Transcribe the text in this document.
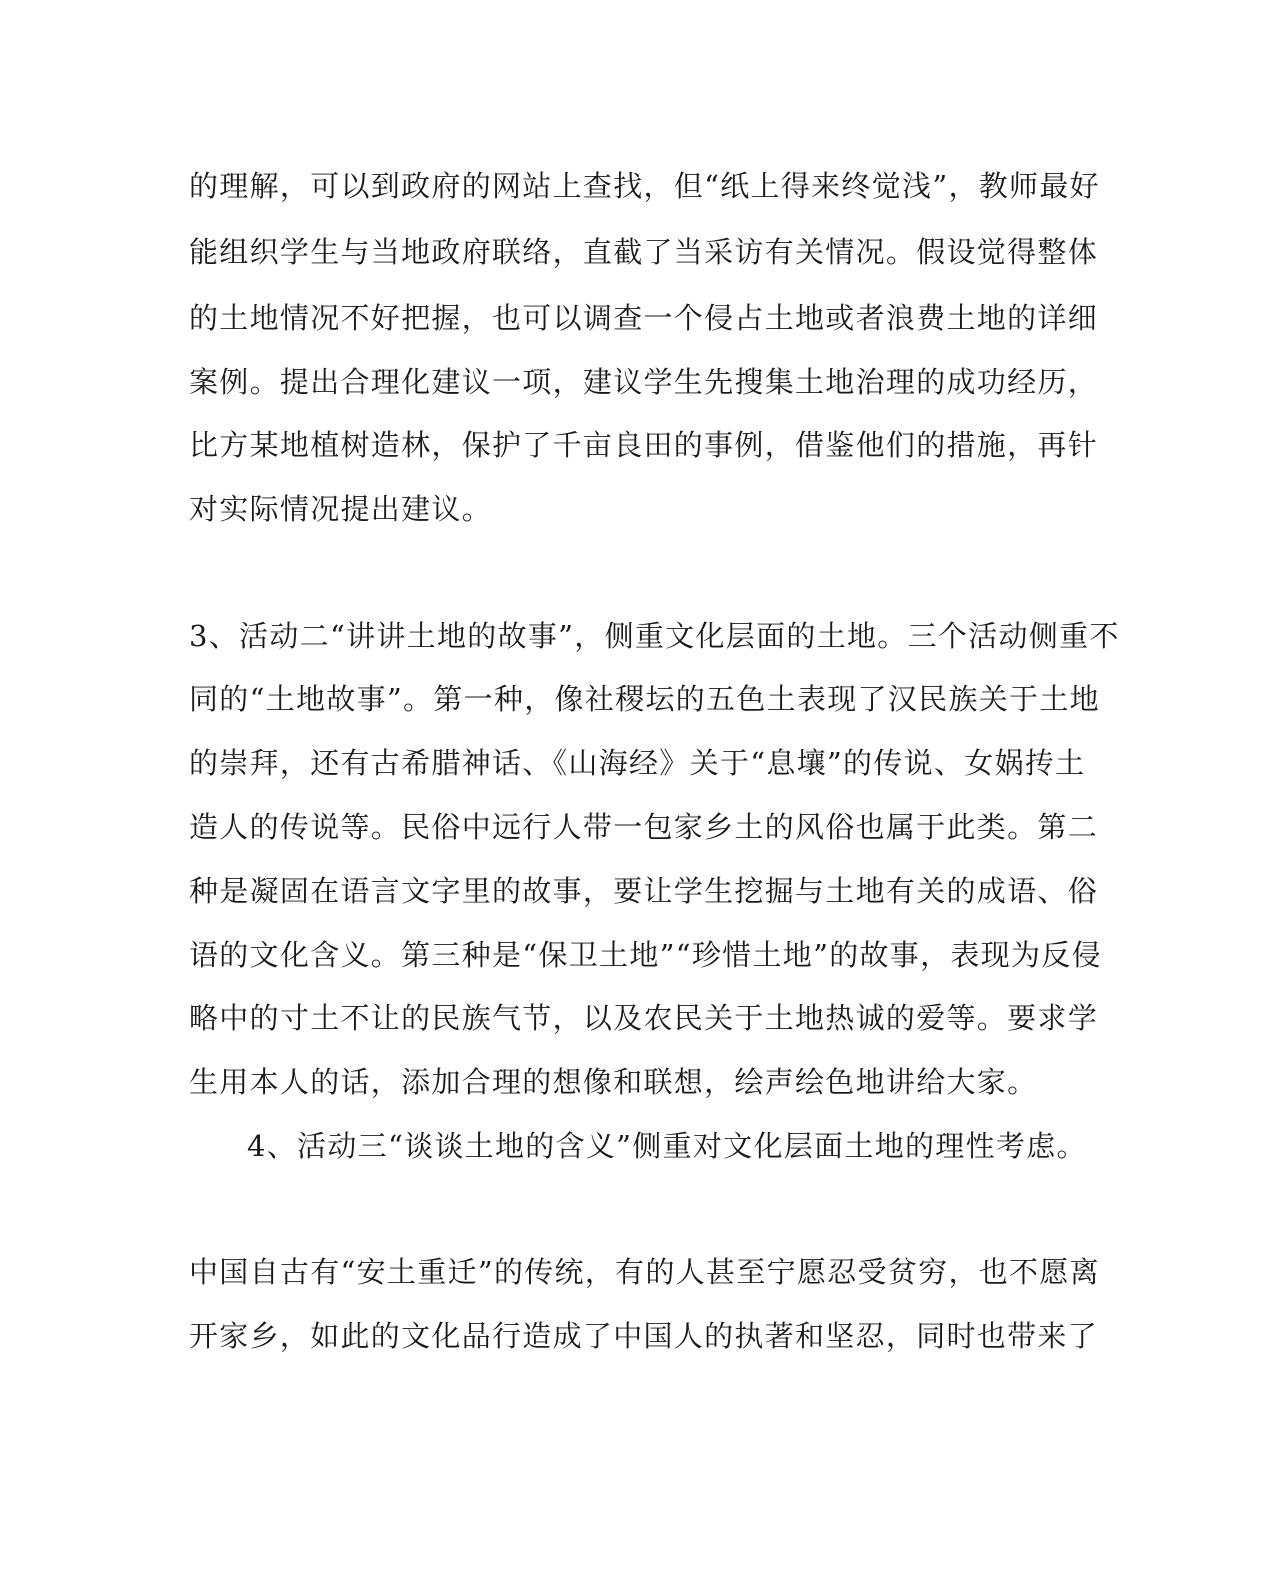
的理解，可以到政府的网站上查找，但“纸上得来终觉浅”，教师最好
能组织学生与当地政府联络，直截了当采访有关情况。假设觉得整体
的土地情况不好把握，也可以调查一个侵占土地或者浪费土地的详细
案例。提出合理化建议一项，建议学生先搜集土地治理的成功经历，
比方某地植树造林，保护了千亩良田的事例，借鉴他们的措施，再针
对实际情况提出建议。
3、活动二“讲讲土地的故事”，侧重文化层面的土地。三个活动侧重不
同的“土地故事”。第一种，像社稷坛的五色土表现了汉民族关于土地
的崇拜，还有古希腊神话、《山海经》关于“息壤”的传说、女娲抟土
造人的传说等。民俗中远行人带一包家乡土的风俗也属于此类。第二
种是凝固在语言文字里的故事，要让学生挖掘与土地有关的成语、俗
语的文化含义。第三种是“保卫土地”“珍惜土地”的故事，表现为反侵
略中的寸土不让的民族气节，以及农民关于土地热诚的爱等。要求学
生用本人的话，添加合理的想像和联想，绘声绘色地讲给大家。
4、活动三“谈谈土地的含义”侧重对文化层面土地的理性考虑。
中国自古有“安土重迁”的传统，有的人甚至宁愿忍受贫穷，也不愿离
开家乡，如此的文化品行造成了中国人的执著和坚忍，同时也带来了
